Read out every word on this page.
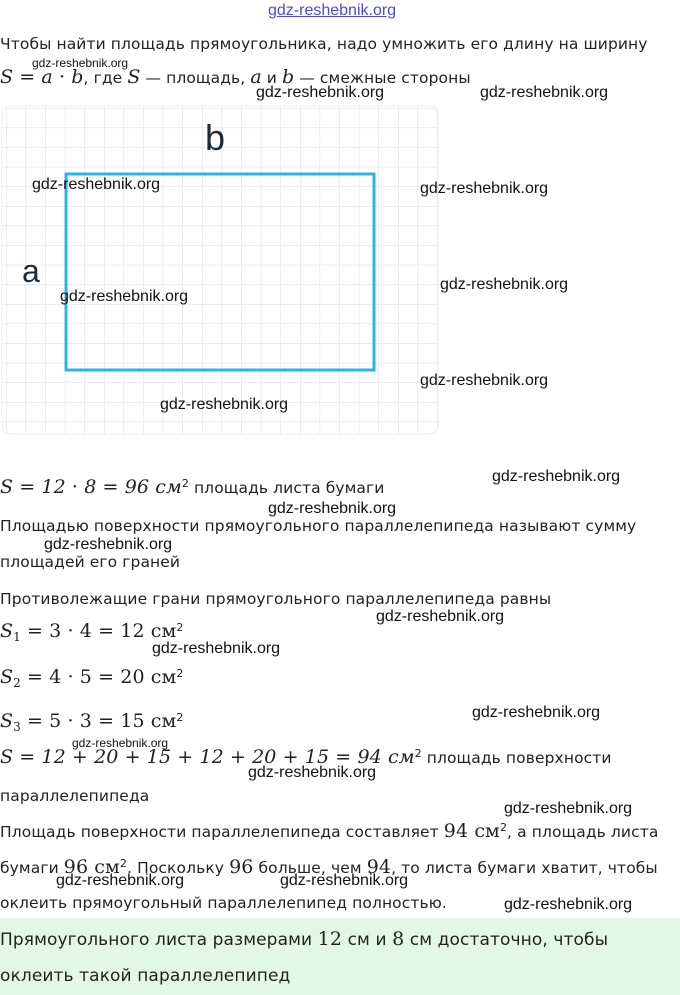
gdz-reshebnik.org
Чтобы найти площадь прямоугольника, надо умножить его длину на ширину
S = a · b, где S — площадь, a и b — смежные стороны
b
a
S = 12 · 8 = 96 $см^2$ площадь листа бумаги
Площадью поверхности прямоугольного параллелепипеда называют сумму
площадей его граней
Противолежащие грани прямоугольного параллелепипеда равны
$S_1 = 3 \cdot 4 = 12$ $см^2$
$S_2 = 4 \cdot 5 = 20$ $см^2$
$S_3 = 5 \cdot 3 = 15$ $см^2$
S = 12 + 20 + 15 + 12 + 20 + 15 = 94 $см^2$ площадь поверхности
параллелепипеда
Площадь поверхности параллелепипеда составляет 94 $см^2$, а площадь листа
бумаги 96 $см^2$. Поскольку 96 больше, чем 94, то листа бумаги хватит, чтобы
оклеить прямоугольный параллелепипед полностью.
Прямоугольного листа размерами 12 см и 8 см достаточно, чтобы
оклеить такой параллелепипед
gdz-reshebnik.org
gdz-reshebnik.org	gdz-reshebnik.org
gdz-reshebnik.org	gdz-reshebnik.org
gdz-reshebnik.org
gdz-reshebnik.org
gdz-reshebnik.org
gdz-reshebnik.org
gdz-reshebnik.org
gdz-reshebnik.org
gdz-reshebnik.org
gdz-reshebnik.org
gdz-reshebnik.org
gdz-reshebnik.org
gdz-reshebnik.org
gdz-reshebnik.org
gdz-reshebnik.org
gdz-reshebnik.org	gdz-reshebnik.org
gdz-reshebnik.org
